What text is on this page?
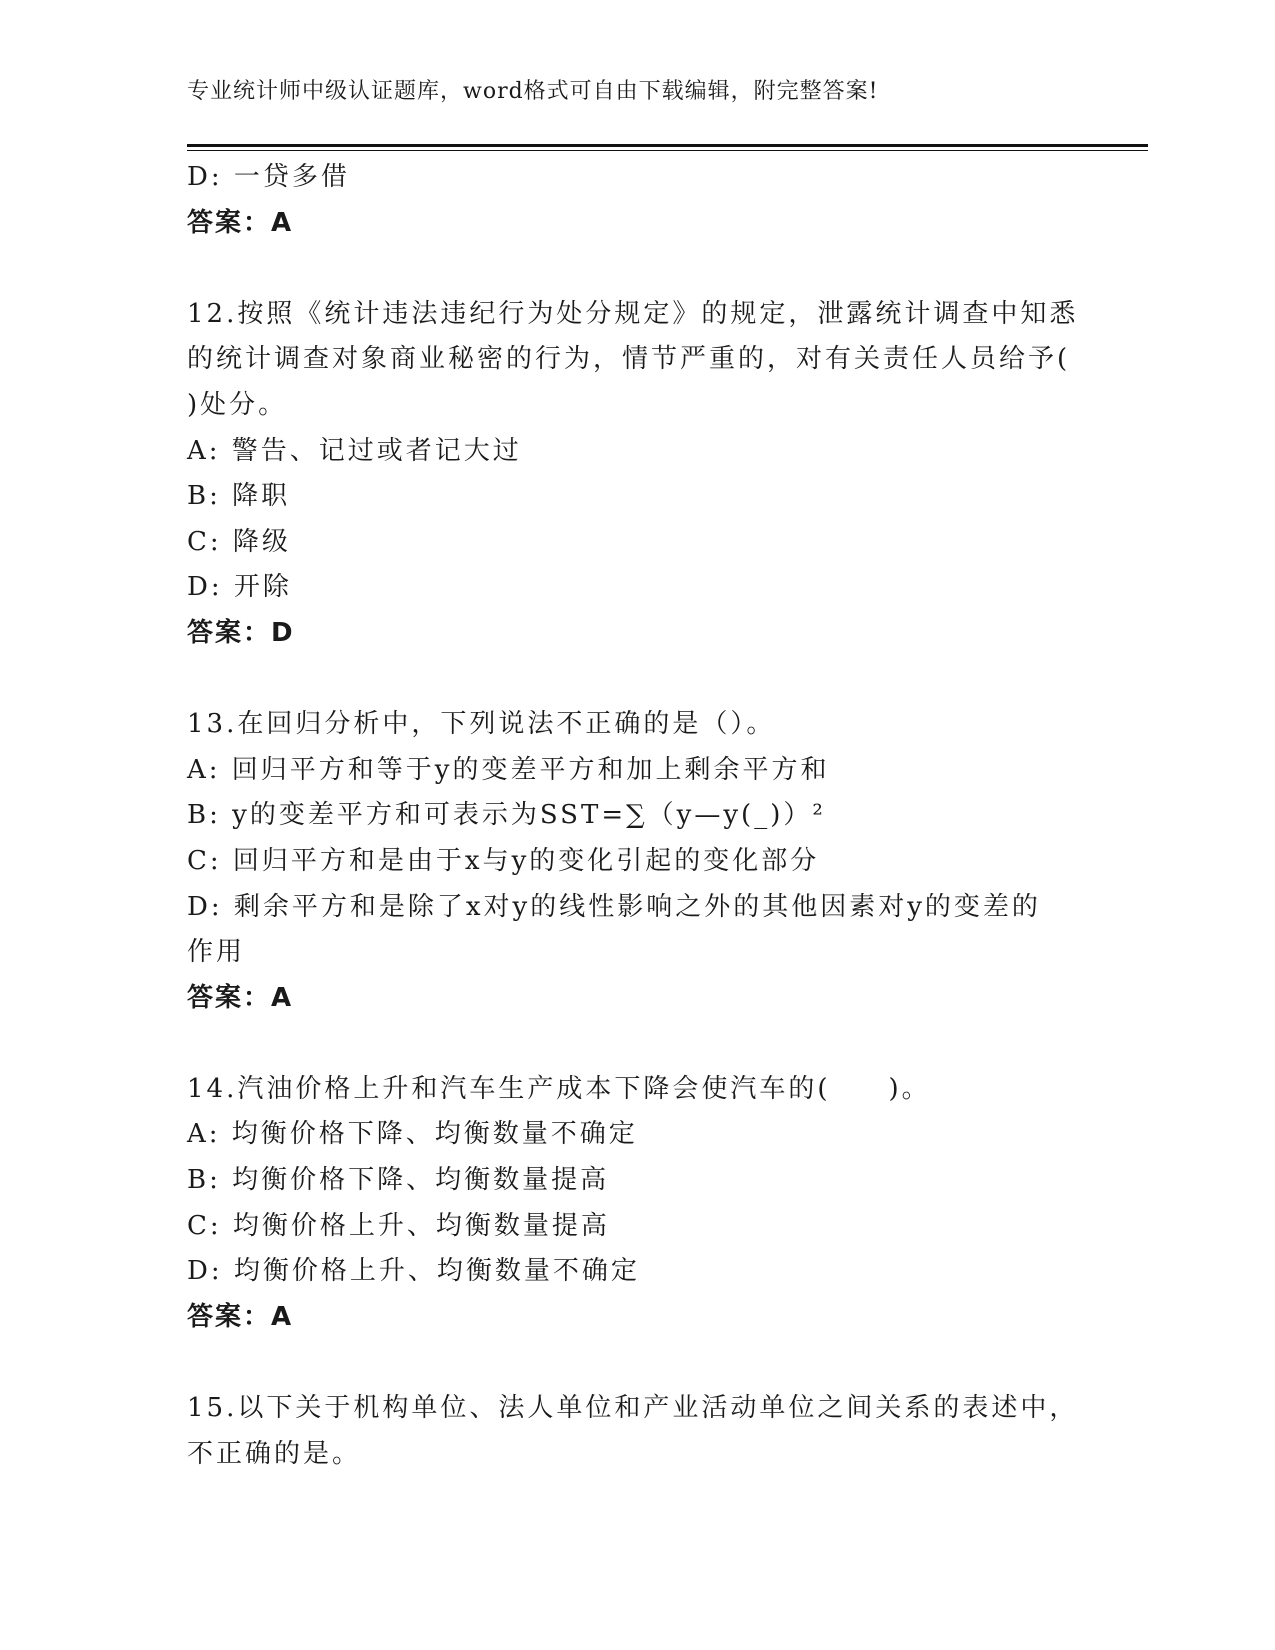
专业统计师中级认证题库，word格式可自由下载编辑，附完整答案!
D: 一贷多借
答案：A
12.按照《统计违法违纪行为处分规定》的规定，泄露统计调查中知悉
的统计调查对象商业秘密的行为，情节严重的，对有关责任人员给予(
)处分。
A: 警告、记过或者记大过
B: 降职
C: 降级
D: 开除
答案：D
13.在回归分析中，下列说法不正确的是（）。
A: 回归平方和等于y的变差平方和加上剩余平方和
B: y的变差平方和可表示为SST=∑（y—y(_)）²
C: 回归平方和是由于x与y的变化引起的变化部分
D: 剩余平方和是除了x对y的线性影响之外的其他因素对y的变差的
作用
答案：A
14.汽油价格上升和汽车生产成本下降会使汽车的(　　)。
A: 均衡价格下降、均衡数量不确定
B: 均衡价格下降、均衡数量提高
C: 均衡价格上升、均衡数量提高
D: 均衡价格上升、均衡数量不确定
答案：A
15.以下关于机构单位、法人单位和产业活动单位之间关系的表述中，
不正确的是。
